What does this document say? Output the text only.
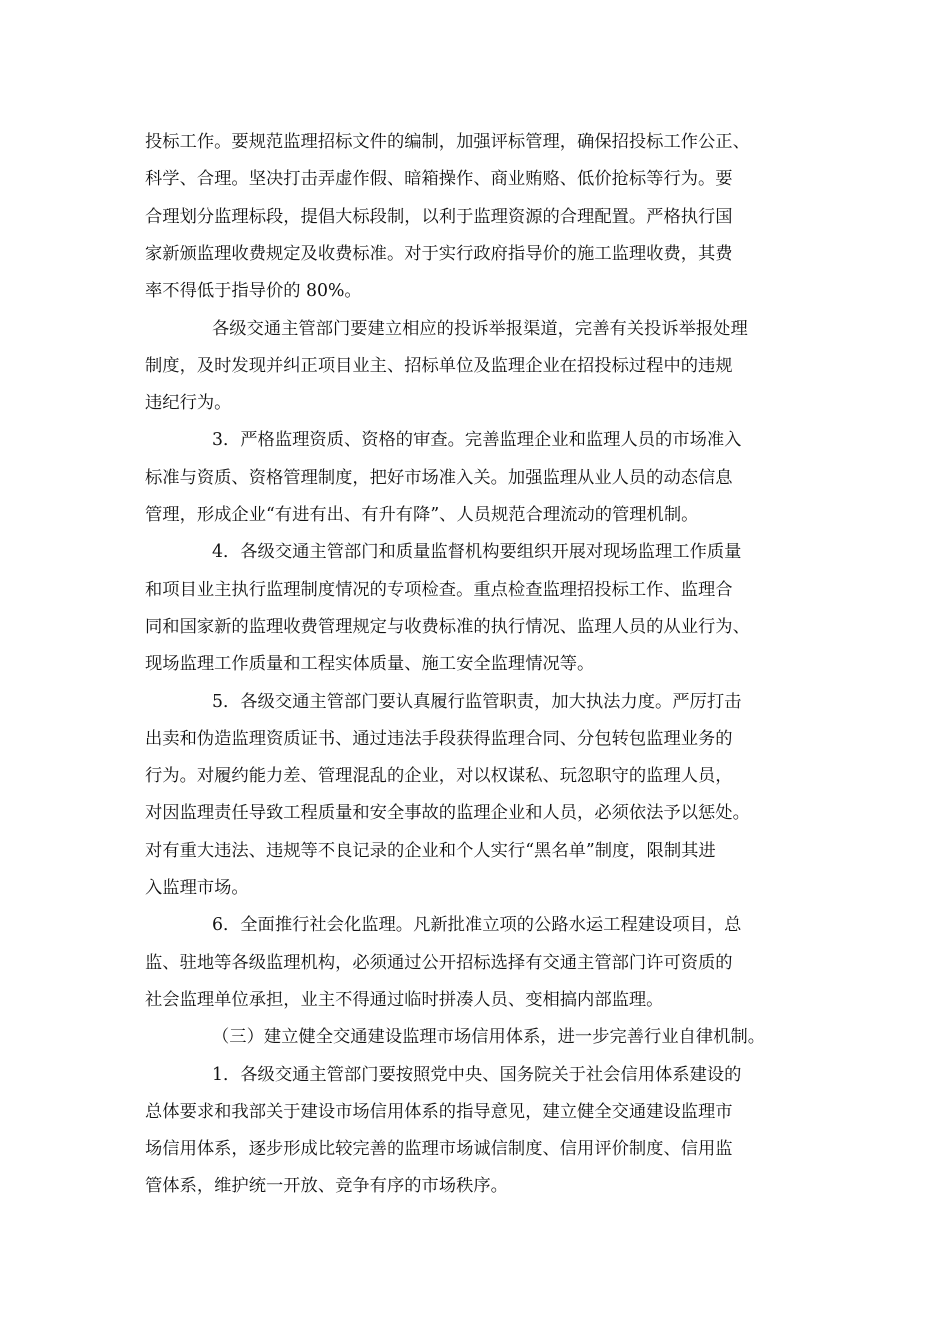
投标工作。要规范监理招标文件的编制，加强评标管理，确保招投标工作公正、

科学、合理。坚决打击弄虚作假、暗箱操作、商业贿赂、低价抢标等行为。要

合理划分监理标段，提倡大标段制，以利于监理资源的合理配置。严格执行国

家新颁监理收费规定及收费标准。对于实行政府指导价的施工监理收费，其费

率不得低于指导价的 80%。

各级交通主管部门要建立相应的投诉举报渠道，完善有关投诉举报处理

制度，及时发现并纠正项目业主、招标单位及监理企业在招投标过程中的违规

违纪行为。

3．严格监理资质、资格的审查。完善监理企业和监理人员的市场准入

标准与资质、资格管理制度，把好市场准入关。加强监理从业人员的动态信息

管理，形成企业“有进有出、有升有降”、人员规范合理流动的管理机制。

4．各级交通主管部门和质量监督机构要组织开展对现场监理工作质量

和项目业主执行监理制度情况的专项检查。重点检查监理招投标工作、监理合

同和国家新的监理收费管理规定与收费标准的执行情况、监理人员的从业行为、

现场监理工作质量和工程实体质量、施工安全监理情况等。

5．各级交通主管部门要认真履行监管职责，加大执法力度。严厉打击

出卖和伪造监理资质证书、通过违法手段获得监理合同、分包转包监理业务的

行为。对履约能力差、管理混乱的企业，对以权谋私、玩忽职守的监理人员，

对因监理责任导致工程质量和安全事故的监理企业和人员，必须依法予以惩处。

对有重大违法、违规等不良记录的企业和个人实行“黑名单”制度，限制其进

入监理市场。

6．全面推行社会化监理。凡新批准立项的公路水运工程建设项目，总

监、驻地等各级监理机构，必须通过公开招标选择有交通主管部门许可资质的

社会监理单位承担，业主不得通过临时拼凑人员、变相搞内部监理。

（三）建立健全交通建设监理市场信用体系，进一步完善行业自律机制。

1．各级交通主管部门要按照党中央、国务院关于社会信用体系建设的

总体要求和我部关于建设市场信用体系的指导意见，建立健全交通建设监理市

场信用体系，逐步形成比较完善的监理市场诚信制度、信用评价制度、信用监

管体系，维护统一开放、竞争有序的市场秩序。
